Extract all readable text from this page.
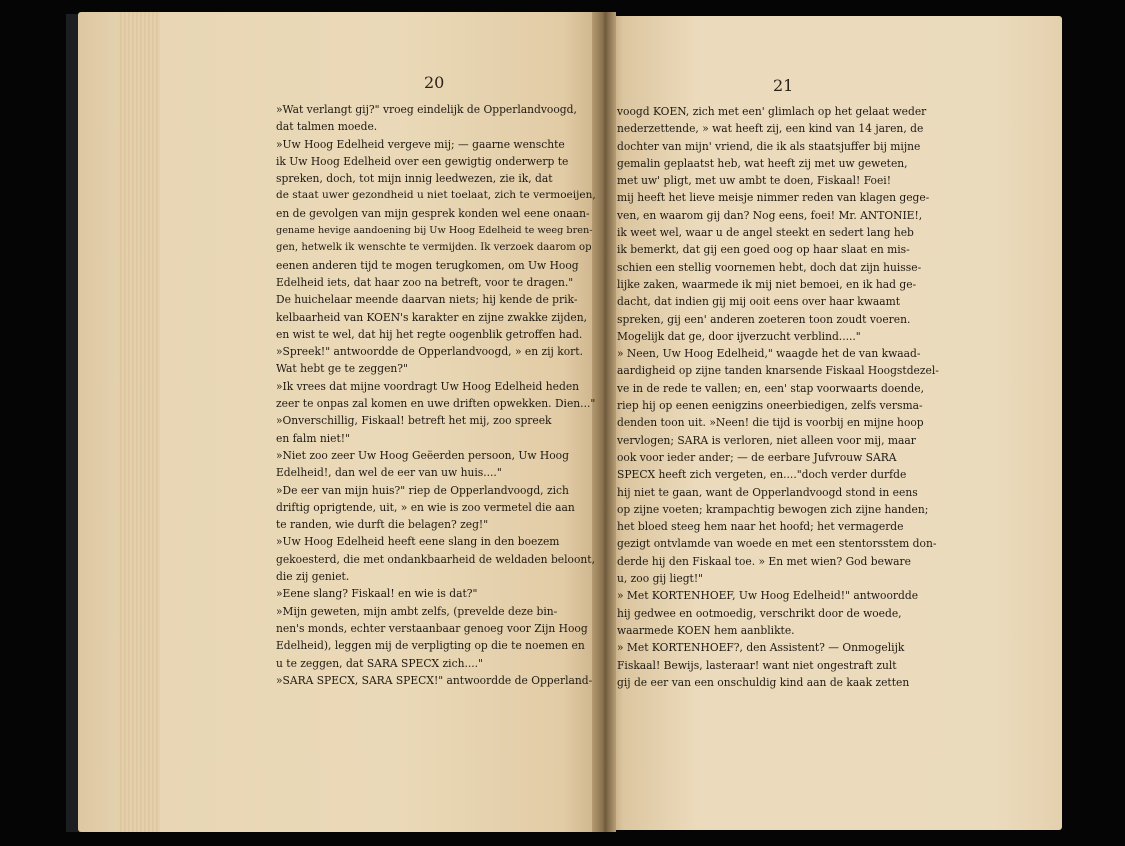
20	21
»Wat verlangt gij?" vroeg eindelijk de Opperlandvoogd,
dat talmen moede.
»Uw Hoog Edelheid vergeve mij; — gaarne wenschte
ik Uw Hoog Edelheid over een gewigtig onderwerp te
spreken, doch, tot mijn innig leedwezen, zie ik, dat
de staat uwer gezondheid u niet toelaat, zich te vermoeijen,
en de gevolgen van mijn gesprek konden wel eene onaan-
gename hevige aandoening bij Uw Hoog Edelheid te weeg bren-
gen, hetwelk ik wenschte te vermijden. Ik verzoek daarom op
eenen anderen tijd te mogen terugkomen, om Uw Hoog
Edelheid iets, dat haar zoo na betreft, voor te dragen."
De huichelaar meende daarvan niets; hij kende de prik-
kelbaarheid van KOEN's karakter en zijne zwakke zijden,
en wist te wel, dat hij het regte oogenblik getroffen had.
»Spreek!" antwoordde de Opperlandvoogd, » en zij kort.
Wat hebt ge te zeggen?"
»Ik vrees dat mijne voordragt Uw Hoog Edelheid heden
zeer te onpas zal komen en uwe driften opwekken. Dien..."
»Onverschillig, Fiskaal! betreft het mij, zoo spreek
en falm niet!"
»Niet zoo zeer Uw Hoog Geëerden persoon, Uw Hoog
Edelheid!, dan wel de eer van uw huis...."
»De eer van mijn huis?" riep de Opperlandvoogd, zich
driftig oprigtende, uit, » en wie is zoo vermetel die aan
te randen, wie durft die belagen? zeg!"
»Uw Hoog Edelheid heeft eene slang in den boezem
gekoesterd, die met ondankbaarheid de weldaden beloont,
die zij geniet.
»Eene slang? Fiskaal! en wie is dat?"
»Mijn geweten, mijn ambt zelfs, (prevelde deze bin-
nen's monds, echter verstaanbaar genoeg voor Zijn Hoog
Edelheid), leggen mij de verpligting op die te noemen en
u te zeggen, dat SARA SPECX zich...."
»SARA SPECX, SARA SPECX!" antwoordde de Opperland-
voogd KOEN, zich met een' glimlach op het gelaat weder
nederzettende, » wat heeft zij, een kind van 14 jaren, de
dochter van mijn' vriend, die ik als staatsjuffer bij mijne
gemalin geplaatst heb, wat heeft zij met uw geweten,
met uw' pligt, met uw ambt te doen, Fiskaal! Foei!
mij heeft het lieve meisje nimmer reden van klagen gege-
ven, en waarom gij dan? Nog eens, foei! Mr. ANTONIE!,
ik weet wel, waar u de angel steekt en sedert lang heb
ik bemerkt, dat gij een goed oog op haar slaat en mis-
schien een stellig voornemen hebt, doch dat zijn huisse-
lijke zaken, waarmede ik mij niet bemoei, en ik had ge-
dacht, dat indien gij mij ooit eens over haar kwaamt
spreken, gij een' anderen zoeteren toon zoudt voeren.
Mogelijk dat ge, door ijverzucht verblind....."
» Neen, Uw Hoog Edelheid," waagde het de van kwaad-
aardigheid op zijne tanden knarsende Fiskaal Hoogstdezel-
ve in de rede te vallen; en, een' stap voorwaarts doende,
riep hij op eenen eenigzins oneerbiedigen, zelfs versma-
denden toon uit. »Neen! die tijd is voorbij en mijne hoop
vervlogen; SARA is verloren, niet alleen voor mij, maar
ook voor ieder ander; — de eerbare Jufvrouw SARA
SPECX heeft zich vergeten, en...."doch verder durfde
hij niet te gaan, want de Opperlandvoogd stond in eens
op zijne voeten; krampachtig bewogen zich zijne handen;
het bloed steeg hem naar het hoofd; het vermagerde
gezigt ontvlamde van woede en met een stentorsstem don-
derde hij den Fiskaal toe. » En met wien? God beware
u, zoo gij liegt!"
» Met KORTENHOEF, Uw Hoog Edelheid!" antwoordde
hij gedwee en ootmoedig, verschrikt door de woede,
waarmede KOEN hem aanblikte.
» Met KORTENHOEF?, den Assistent? — Onmogelijk
Fiskaal! Bewijs, lasteraar! want niet ongestraft zult
gij de eer van een onschuldig kind aan de kaak zetten
